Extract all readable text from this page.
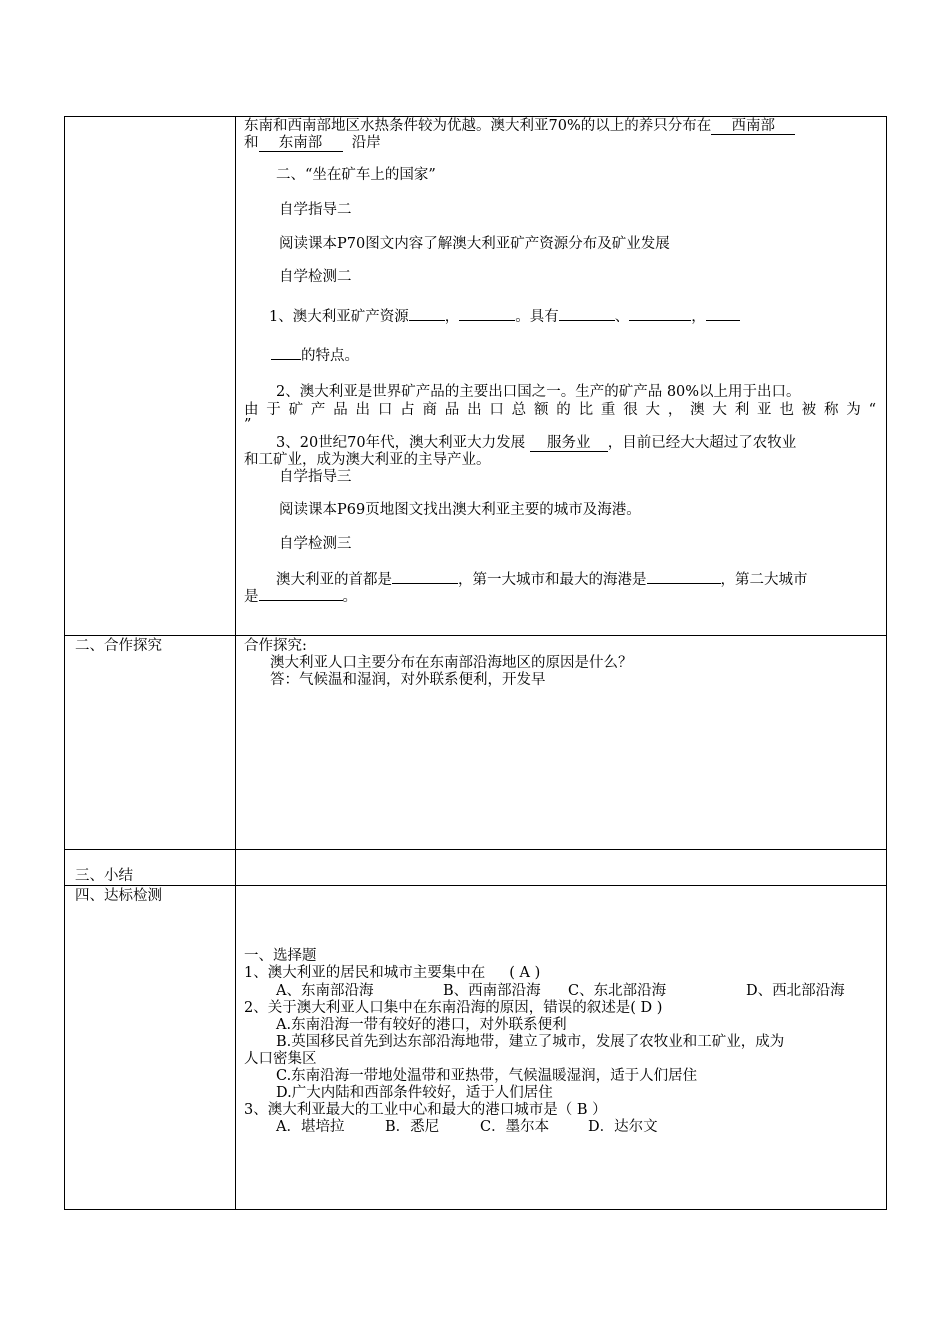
东南和西南部地区水热条件较为优越。澳大利亚70%的以上的养只分布在 西南部
和 东南部 沿岸
二、“坐在矿车上的国家”
自学指导二
阅读课本P70图文内容了解澳大利亚矿产资源分布及矿业发展
自学检测二
1、澳大利亚矿产资源 ，	。具有	、	，
的特点。
2、澳大利亚是世界矿产品的主要出口国之一。生产的矿产品 80%以上用于出口。
由于矿产品出口占商品出口总额的比重很大，澳大利亚也被称为“
”
3、20世纪70年代，澳大利亚大力发展 服务业 ，目前已经大大超过了农牧业
和工矿业，成为澳大利亚的主导产业。
自学指导三
阅读课本P69页地图文找出澳大利亚主要的城市及海港。
自学检测三
澳大利亚的首都是	，第一大城市和最大的海港是	，第二大城市
是	。
二、合作探究	合作探究:
澳大利亚人口主要分布在东南部沿海地区的原因是什么？
答：气候温和湿润，对外联系便利，开发早
三、小结
四、达标检测
一、选择题
1、澳大利亚的居民和城市主要集中在 ( A )
A、东南部沿海	B、西南部沿海 C、东北部沿海	D、西北部沿海
2、关于澳大利亚人口集中在东南沿海的原因，错误的叙述是( D )
A.东南沿海一带有较好的港口，对外联系便利
B.英国移民首先到达东部沿海地带，建立了城市，发展了农牧业和工矿业，成为
人口密集区
C.东南沿海一带地处温带和亚热带，气候温暖湿润，适于人们居住
D.广大内陆和西部条件较好，适于人们居住
3、澳大利亚最大的工业中心和最大的港口城市是（ B ）
A．堪培拉	B．悉尼	C．墨尔本	D．达尔文
